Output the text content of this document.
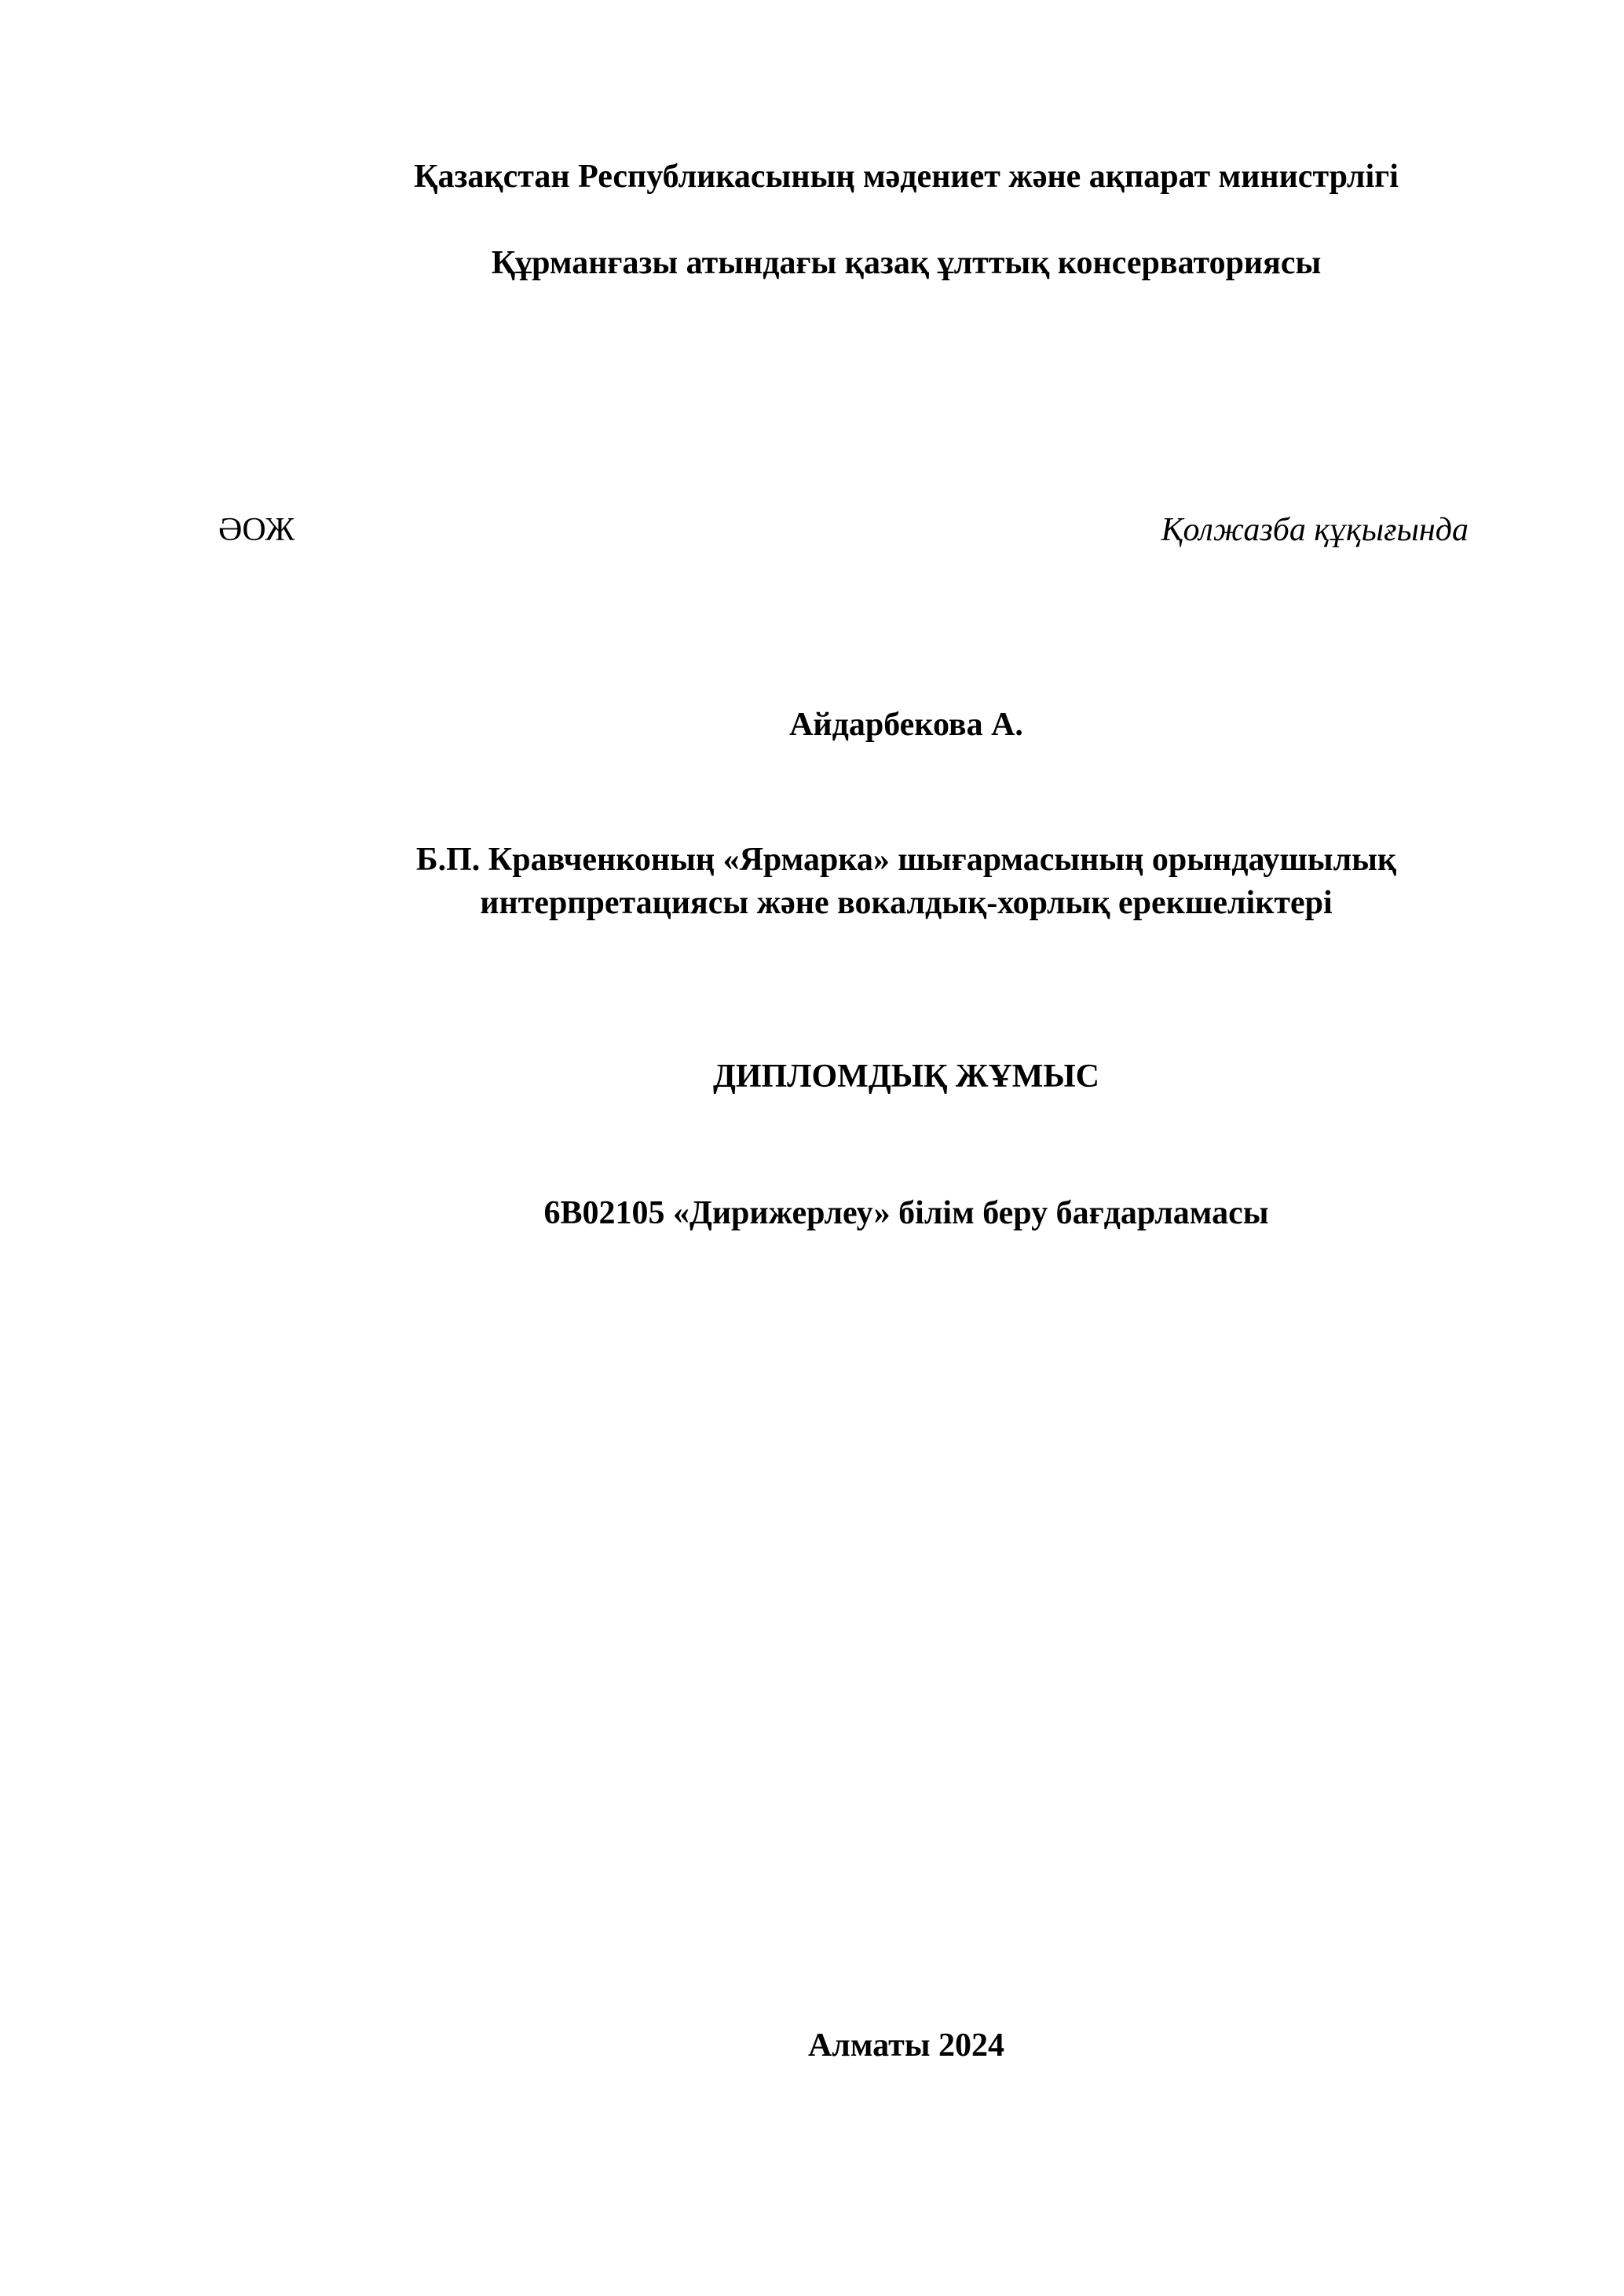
Қазақстан Республикасының мәдениет және ақпарат министрлігі
Құрманғазы атындағы қазақ ұлттық консерваториясы
ӘОЖ	Қолжазба құқығында
Айдарбекова А.
Б.П. Кравченконың «Ярмарка» шығармасының орындаушылық
интерпретациясы және вокалдық-хорлық ерекшеліктері
ДИПЛОМДЫҚ ЖҰМЫС
6В02105 «Дирижерлеу» білім беру бағдарламасы
Алматы 2024
